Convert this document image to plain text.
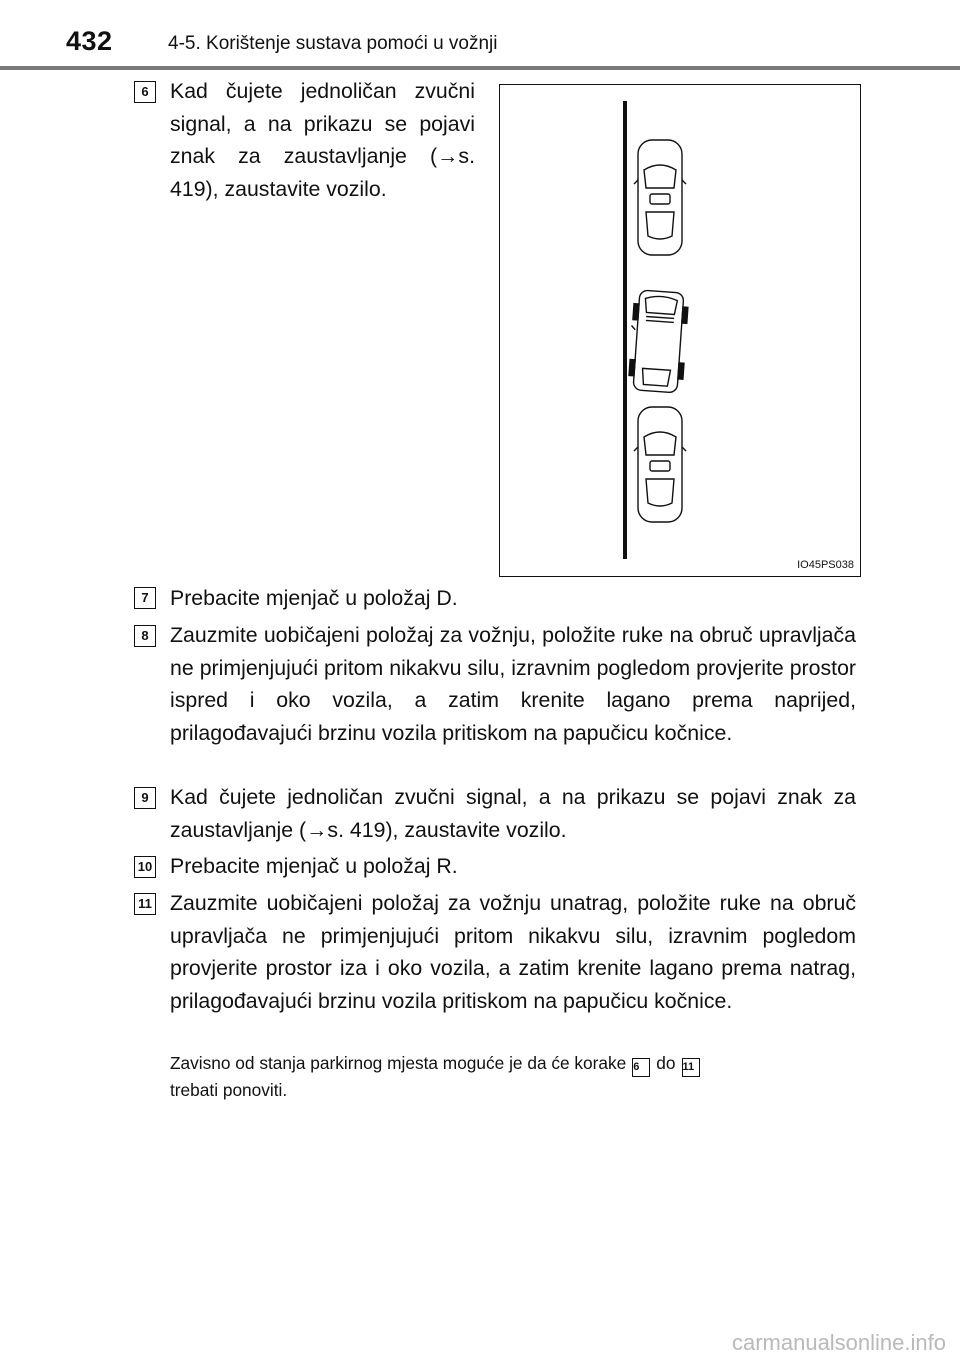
432	4-5. Korištenje sustava pomoći u vožnji
6	Kad čujete jednoličan zvučni signal, a na prikazu se pojavi znak za zaustavljanje (→s. 419), zaustavite vozilo.
IO45PS038
7	Prebacite mjenjač u položaj D.
8	Zauzmite uobičajeni položaj za vožnju, položite ruke na obruč upravljača ne primjenjujući pritom nikakvu silu, izravnim pogledom provjerite prostor ispred i oko vozila, a zatim krenite lagano prema naprijed, prilagođavajući brzinu vozila pritiskom na papučicu kočnice.
9	Kad čujete jednoličan zvučni signal, a na prikazu se pojavi znak za zaustavljanje (→s. 419), zaustavite vozilo.
10 Prebacite mjenjač u položaj R.
11 Zauzmite uobičajeni položaj za vožnju unatrag, položite ruke na obruč upravljača ne primjenjujući pritom nikakvu silu, izravnim pogledom provjerite prostor iza i oko vozila, a zatim krenite lagano prema natrag, prilagođavajući brzinu vozila pritiskom na papučicu kočnice.
Zavisno od stanja parkirnog mjesta moguće je da će korake 6 do 11
trebati ponoviti.
carmanualsonline.info
